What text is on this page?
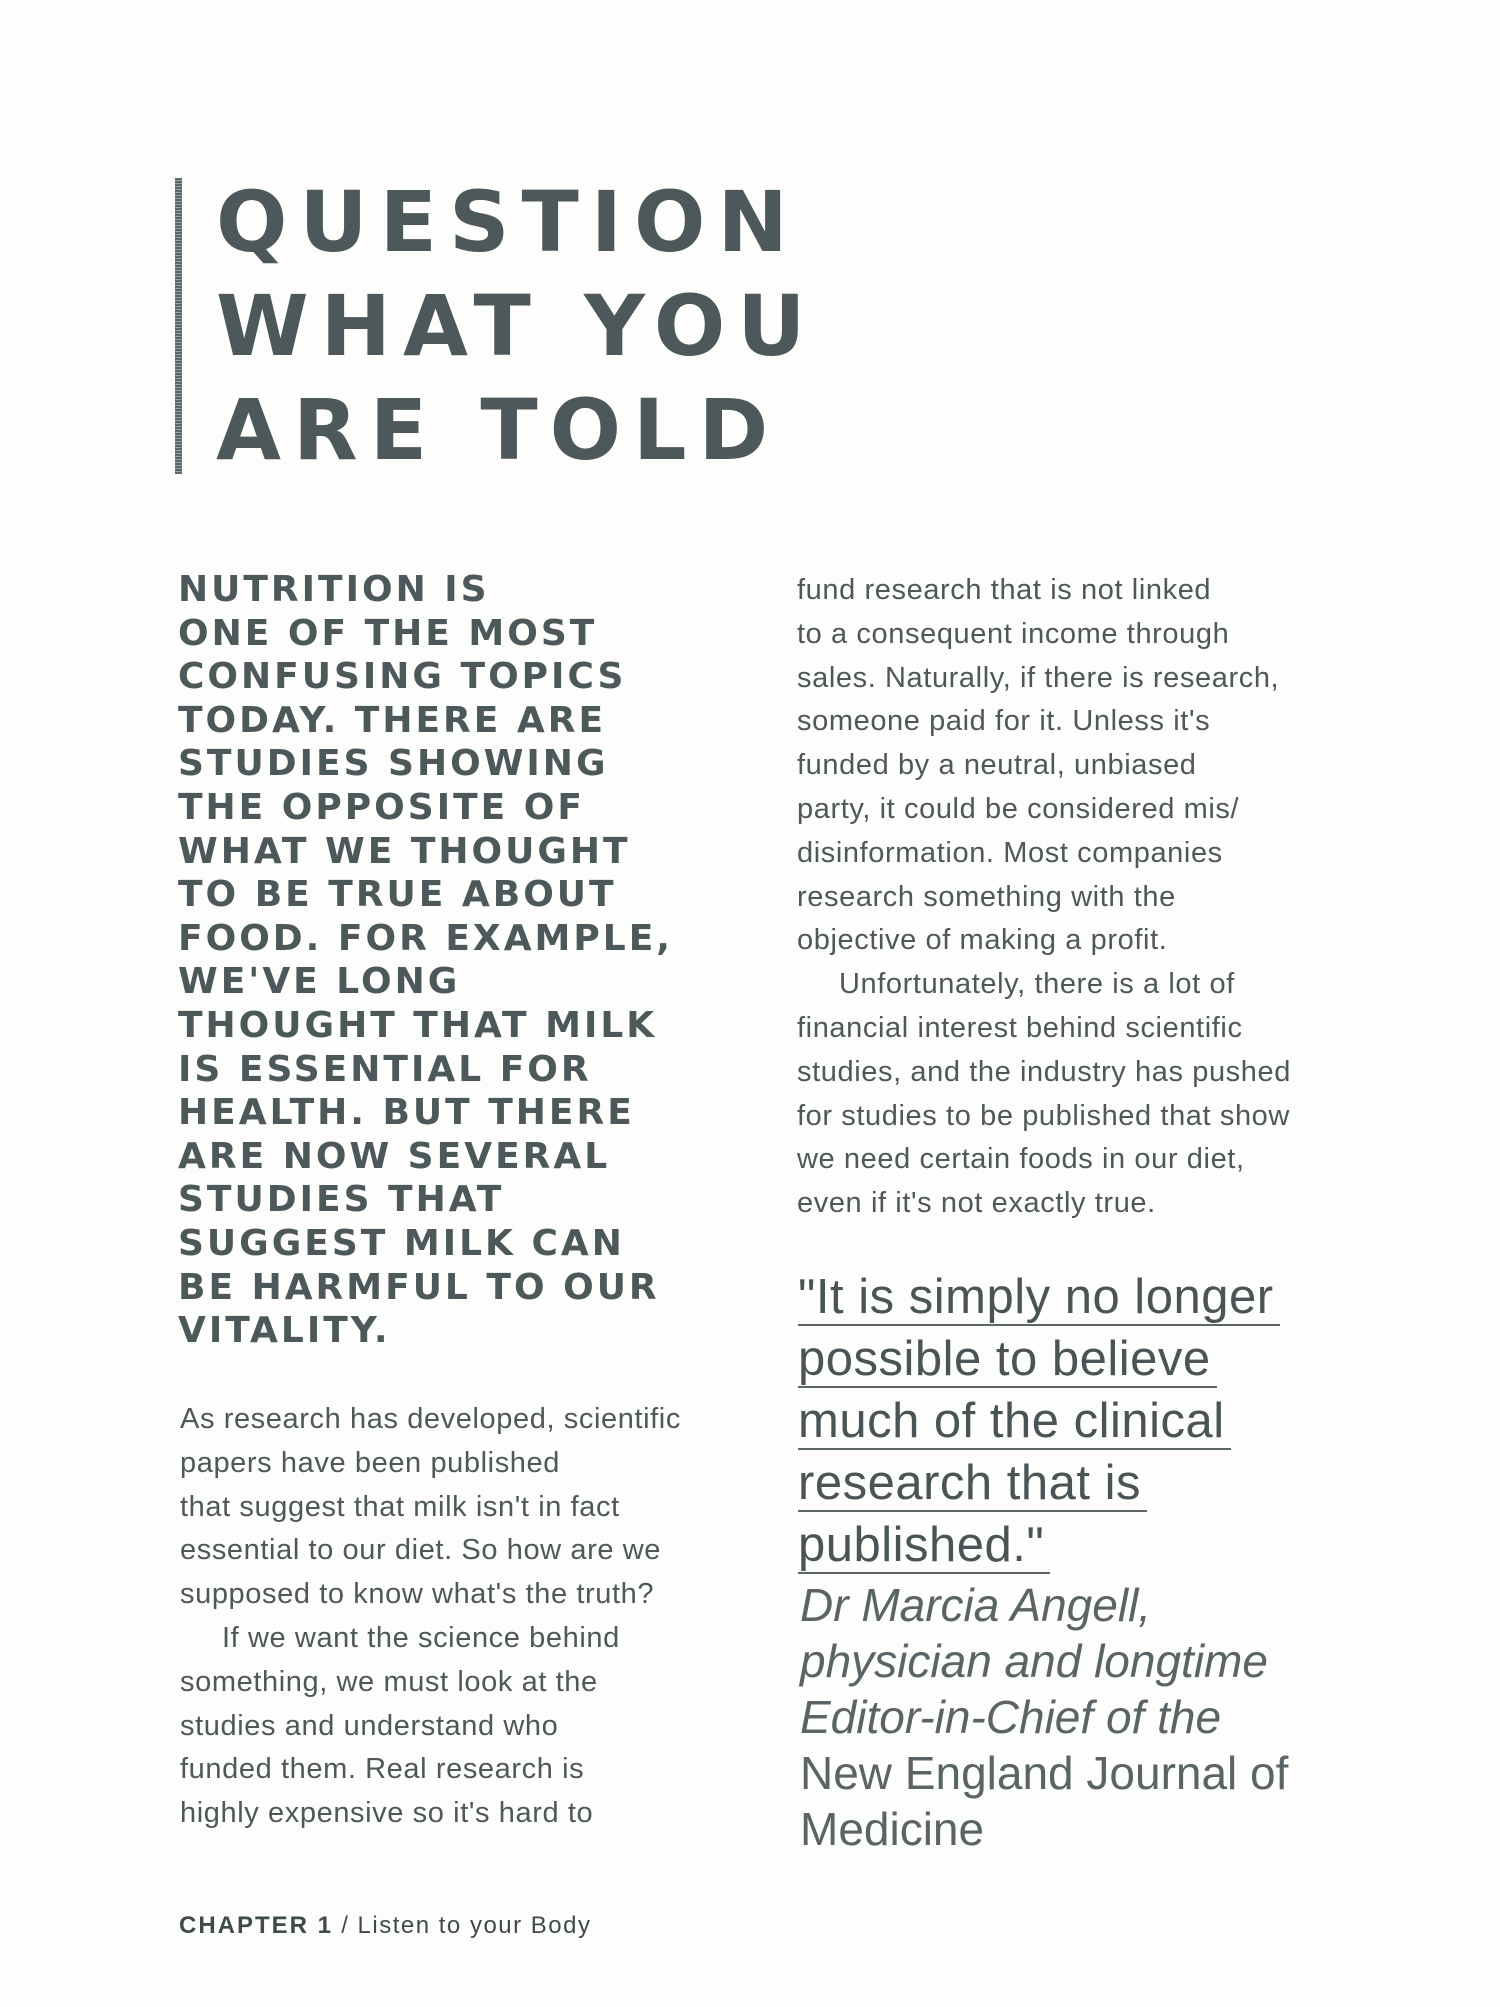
QUESTION
WHAT YOU
ARE TOLD

NUTRITION IS
ONE OF THE MOST
CONFUSING TOPICS
TODAY. THERE ARE
STUDIES SHOWING
THE OPPOSITE OF
WHAT WE THOUGHT
TO BE TRUE ABOUT
FOOD. FOR EXAMPLE,
WE'VE LONG
THOUGHT THAT MILK
IS ESSENTIAL FOR
HEALTH. BUT THERE
ARE NOW SEVERAL
STUDIES THAT
SUGGEST MILK CAN
BE HARMFUL TO OUR
VITALITY.

As research has developed, scientific
papers have been published
that suggest that milk isn't in fact
essential to our diet. So how are we
supposed to know what's the truth?
If we want the science behind
something, we must look at the
studies and understand who
funded them. Real research is
highly expensive so it's hard to
fund research that is not linked
to a consequent income through
sales. Naturally, if there is research,
someone paid for it. Unless it's
funded by a neutral, unbiased
party, it could be considered mis/
disinformation. Most companies
research something with the
objective of making a profit.
Unfortunately, there is a lot of
financial interest behind scientific
studies, and the industry has pushed
for studies to be published that show
we need certain foods in our diet,
even if it's not exactly true.
"It is simply no longer
possible to believe
much of the clinical
research that is
published."

Dr Marcia Angell,
physician and longtime
Editor-in-Chief of the
New England Journal of
Medicine

CHAPTER 1 / Listen to your Body
